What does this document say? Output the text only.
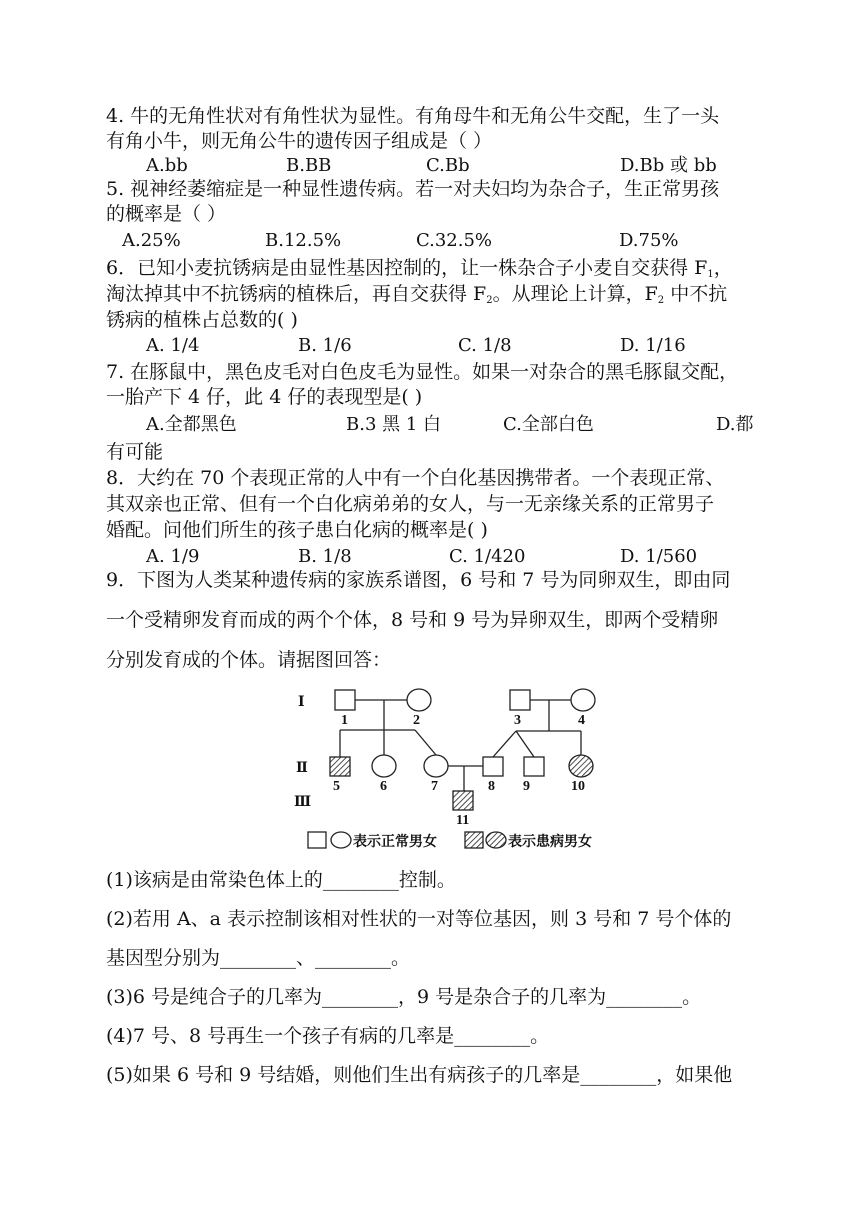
4. 牛的无角性状对有角性状为显性。有角母牛和无角公牛交配，生了一头
有角小牛，则无角公牛的遗传因子组成是（ ）
A.bb	B.BB	C.Bb	D.Bb 或 bb
5. 视神经萎缩症是一种显性遗传病。若一对夫妇均为杂合子，生正常男孩
的概率是（ ）
A.25%	B.12.5%	C.32.5%	D.75%
6．已知小麦抗锈病是由显性基因控制的，让一株杂合子小麦自交获得 F1，
淘汰掉其中不抗锈病的植株后，再自交获得 F2。从理论上计算，F2 中不抗
锈病的植株占总数的( )
A. 1/4	B. 1/6	C. 1/8	D. 1/16
7. 在豚鼠中，黑色皮毛对白色皮毛为显性。如果一对杂合的黑毛豚鼠交配，
一胎产下 4 仔，此 4 仔的表现型是( )
A.全都黑色	B.3 黑 1 白	C.全部白色	D.都
有可能
8．大约在 70 个表现正常的人中有一个白化基因携带者。一个表现正常、
其双亲也正常、但有一个白化病弟弟的女人，与一无亲缘关系的正常男子
婚配。问他们所生的孩子患白化病的概率是( )
A. 1/9	B. 1/8	C. 1/420	D. 1/560
9．下图为人类某种遗传病的家族系谱图，6 号和 7 号为同卵双生，即由同
一个受精卵发育而成的两个个体，8 号和 9 号为异卵双生，即两个受精卵
分别发育成的个体。请据图回答：
Ⅰ
Ⅱ
Ⅲ
1	2	3	4
5	6	7	8 9	10
11
表示正常男女	表示患病男女
(1)该病是由常染色体上的________控制。
(2)若用 A、a 表示控制该相对性状的一对等位基因，则 3 号和 7 号个体的
基因型分别为________、________。
(3)6 号是纯合子的几率为________，9 号是杂合子的几率为________。
(4)7 号、8 号再生一个孩子有病的几率是________。
(5)如果 6 号和 9 号结婚，则他们生出有病孩子的几率是________，如果他
